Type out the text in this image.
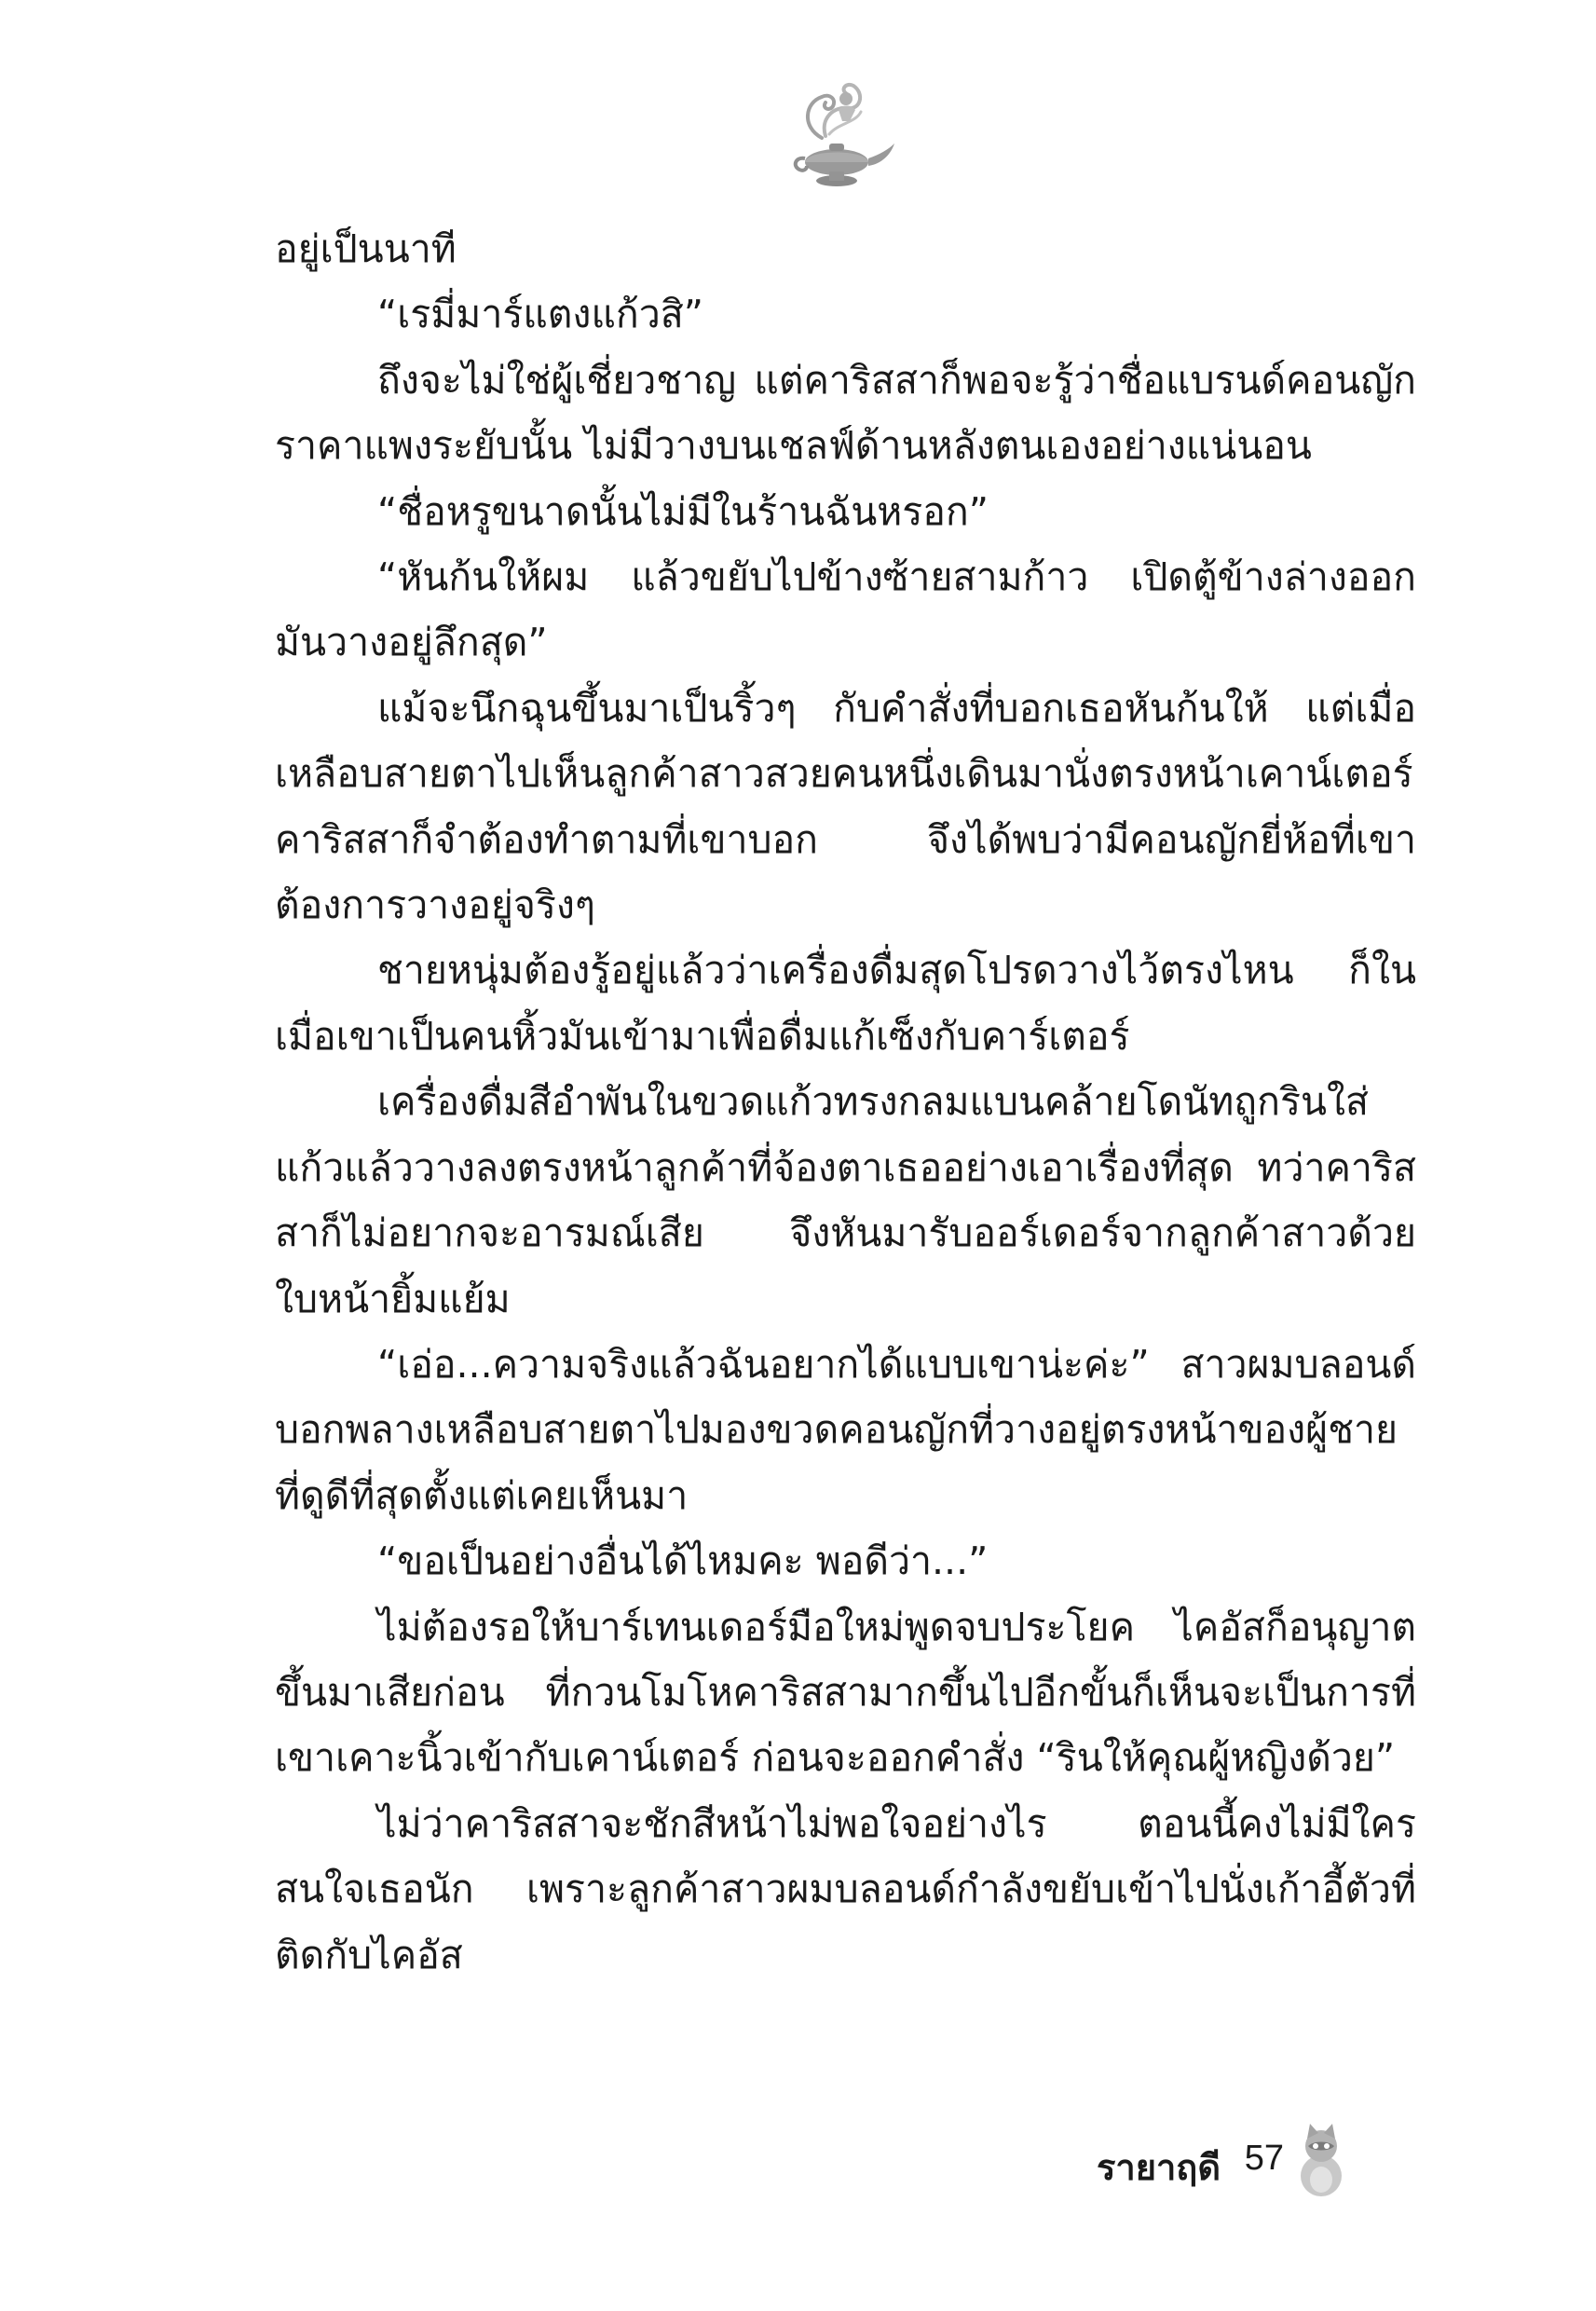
อยู่เป็นนาที

“เรมี่มาร์แตงแก้วสิ”

ถึงจะไม่ใช่ผู้เชี่ยวชาญ แต่คาริสสาก็พอจะรู้ว่าชื่อแบรนด์คอนญักราคาแพงระยับนั้น ไม่มีวางบนเชลฟ์ด้านหลังตนเองอย่างแน่นอน

“ชื่อหรูขนาดนั้นไม่มีในร้านฉันหรอก”

“หันก้นให้ผม แล้วขยับไปข้างซ้ายสามก้าว เปิดตู้ข้างล่างออก มันวางอยู่ลึกสุด”

แม้จะนึกฉุนขึ้นมาเป็นริ้วๆ กับคำสั่งที่บอกเธอหันก้นให้ แต่เมื่อเหลือบสายตาไปเห็นลูกค้าสาวสวยคนหนึ่งเดินมานั่งตรงหน้าเคาน์เตอร์ คาริสสาก็จำต้องทำตามที่เขาบอก จึงได้พบว่ามีคอนญักยี่ห้อที่เขาต้องการวางอยู่จริงๆ

ชายหนุ่มต้องรู้อยู่แล้วว่าเครื่องดื่มสุดโปรดวางไว้ตรงไหน ก็ในเมื่อเขาเป็นคนหิ้วมันเข้ามาเพื่อดื่มแก้เซ็งกับคาร์เตอร์

เครื่องดื่มสีอำพันในขวดแก้วทรงกลมแบนคล้ายโดนัทถูกรินใส่แก้วแล้ววางลงตรงหน้าลูกค้าที่จ้องตาเธออย่างเอาเรื่องที่สุด ทว่าคาริสสาก็ไม่อยากจะอารมณ์เสีย จึงหันมารับออร์เดอร์จากลูกค้าสาวด้วยใบหน้ายิ้มแย้ม

“เอ่อ...ความจริงแล้วฉันอยากได้แบบเขาน่ะค่ะ” สาวผมบลอนด์บอกพลางเหลือบสายตาไปมองขวดคอนญักที่วางอยู่ตรงหน้าของผู้ชายที่ดูดีที่สุดตั้งแต่เคยเห็นมา

“ขอเป็นอย่างอื่นได้ไหมคะ พอดีว่า...”

ไม่ต้องรอให้บาร์เทนเดอร์มือใหม่พูดจบประโยค ไคอัสก็อนุญาตขึ้นมาเสียก่อน ที่กวนโมโหคาริสสามากขึ้นไปอีกขั้นก็เห็นจะเป็นการที่เขาเคาะนิ้วเข้ากับเคาน์เตอร์ ก่อนจะออกคำสั่ง “รินให้คุณผู้หญิงด้วย”

ไม่ว่าคาริสสาจะชักสีหน้าไม่พอใจอย่างไร ตอนนี้คงไม่มีใครสนใจเธอนัก เพราะลูกค้าสาวผมบลอนด์กำลังขยับเข้าไปนั่งเก้าอี้ตัวที่ติดกับไคอัส

รายาฤดี 57
